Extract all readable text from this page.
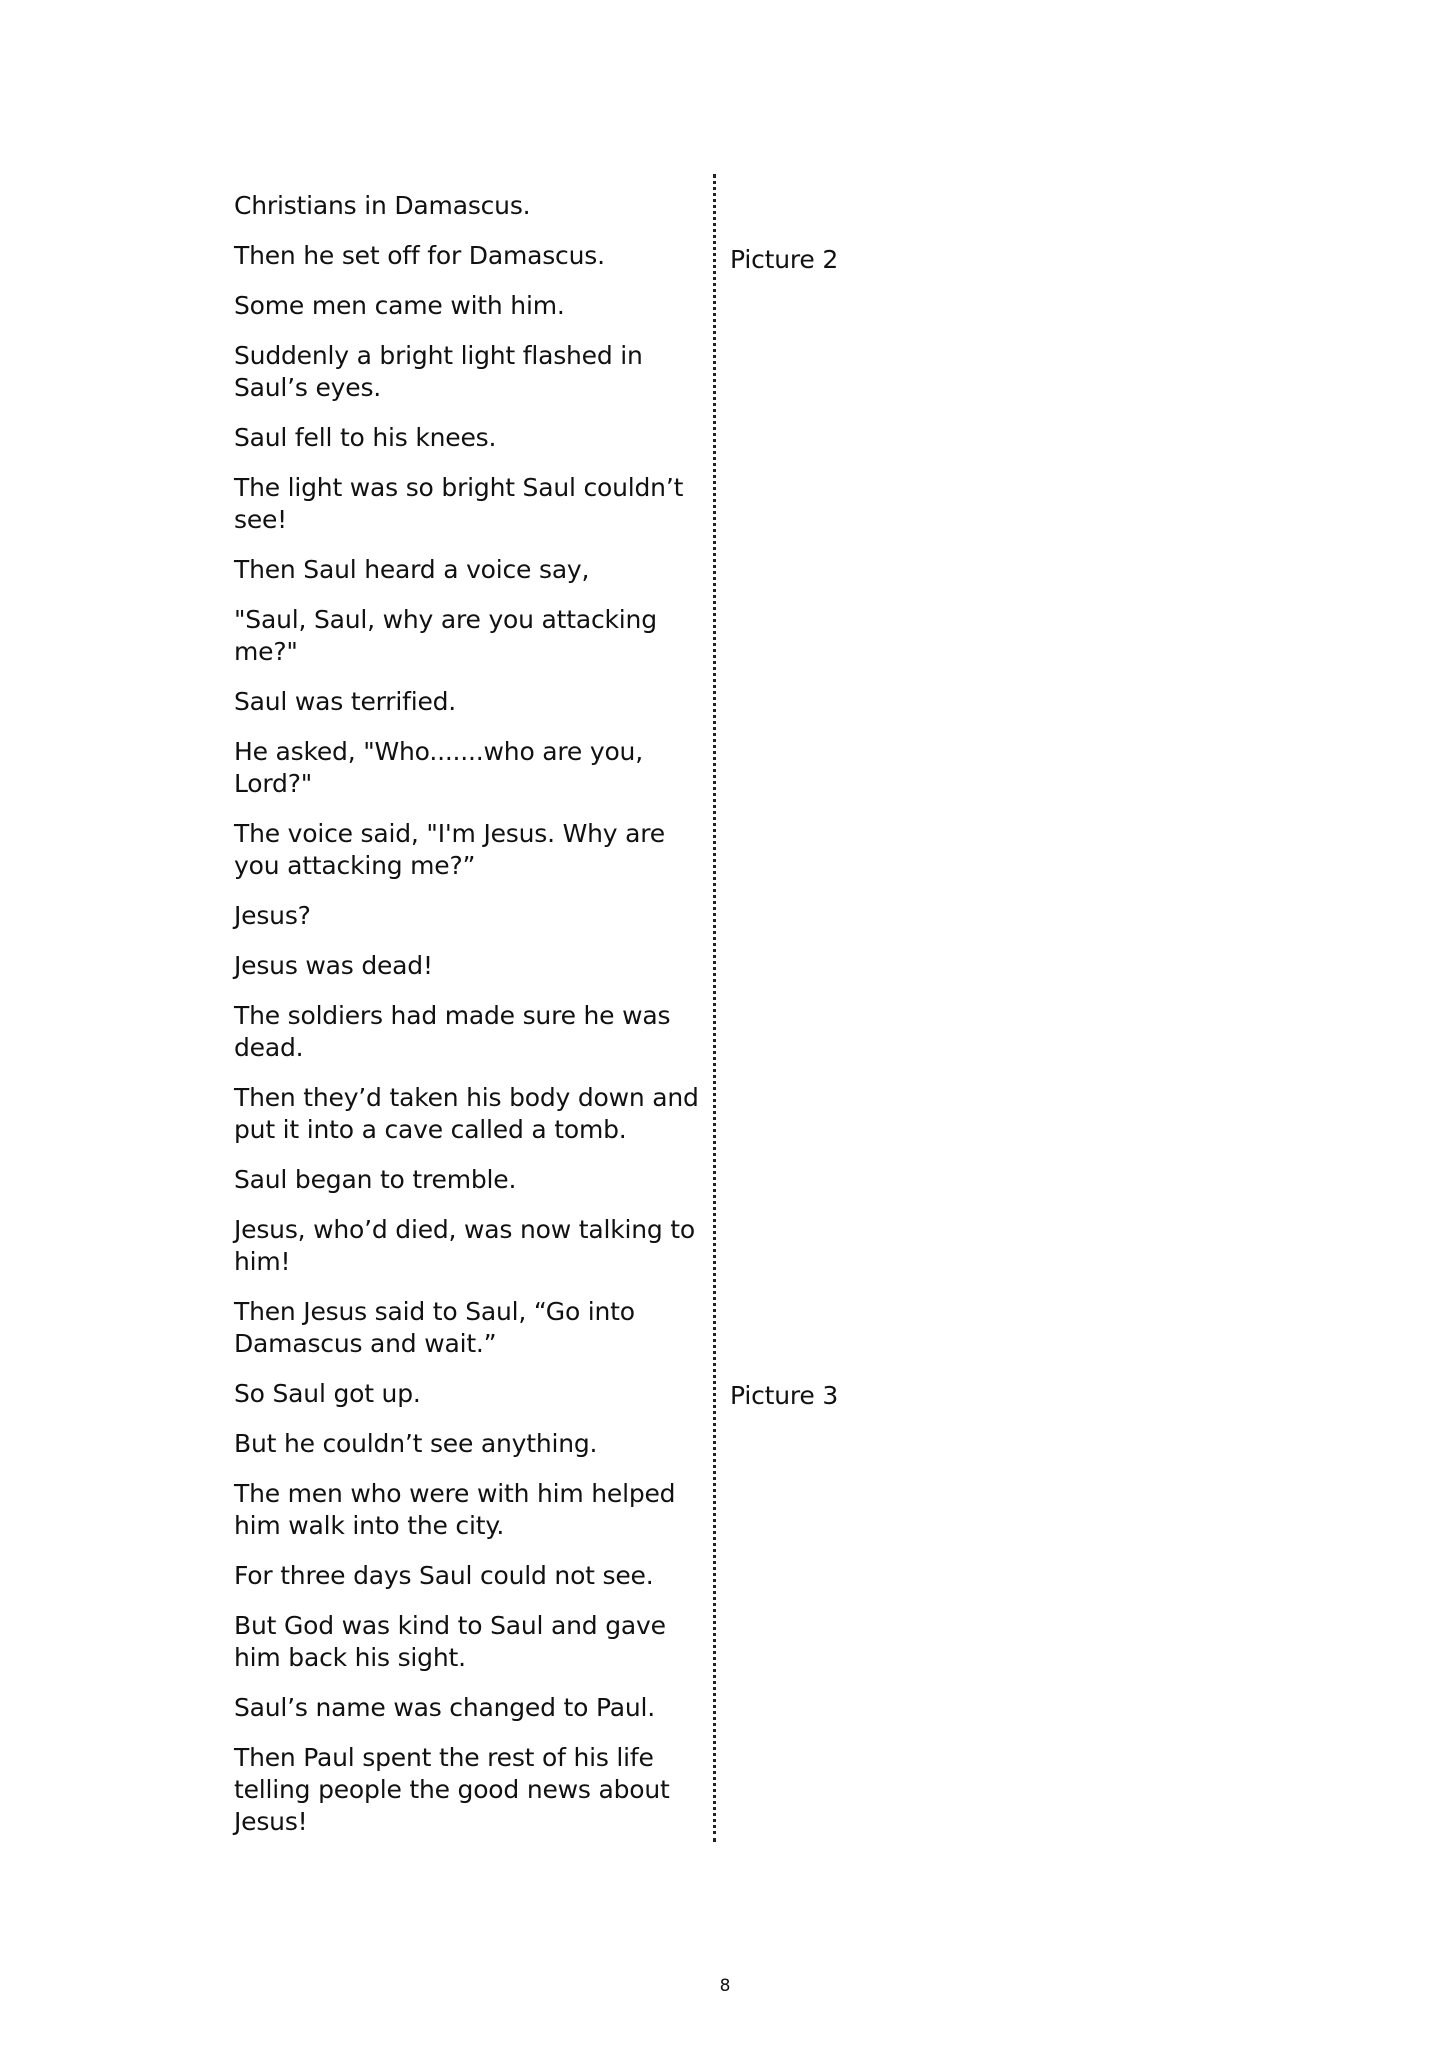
Christians in Damascus.

Then he set off for Damascus.

Some men came with him.

Suddenly a bright light flashed in Saul’s eyes.

Saul fell to his knees.

The light was so bright Saul couldn’t see!

Then Saul heard a voice say,

"Saul, Saul, why are you attacking me?"

Saul was terrified.

He asked, "Who.......who are you, Lord?"

The voice said, "I'm Jesus. Why are you attacking me?”

Jesus?

Jesus was dead!

The soldiers had made sure he was dead.

Then they’d taken his body down and put it into a cave called a tomb.

Saul began to tremble.

Jesus, who’d died, was now talking to him!

Then Jesus said to Saul, “Go into Damascus and wait.”

So Saul got up.

But he couldn’t see anything.

The men who were with him helped him walk into the city.

For three days Saul could not see.

But God was kind to Saul and gave him back his sight.

Saul’s name was changed to Paul.

Then Paul spent the rest of his life telling people the good news about Jesus!

Picture 2
Picture 3
8
